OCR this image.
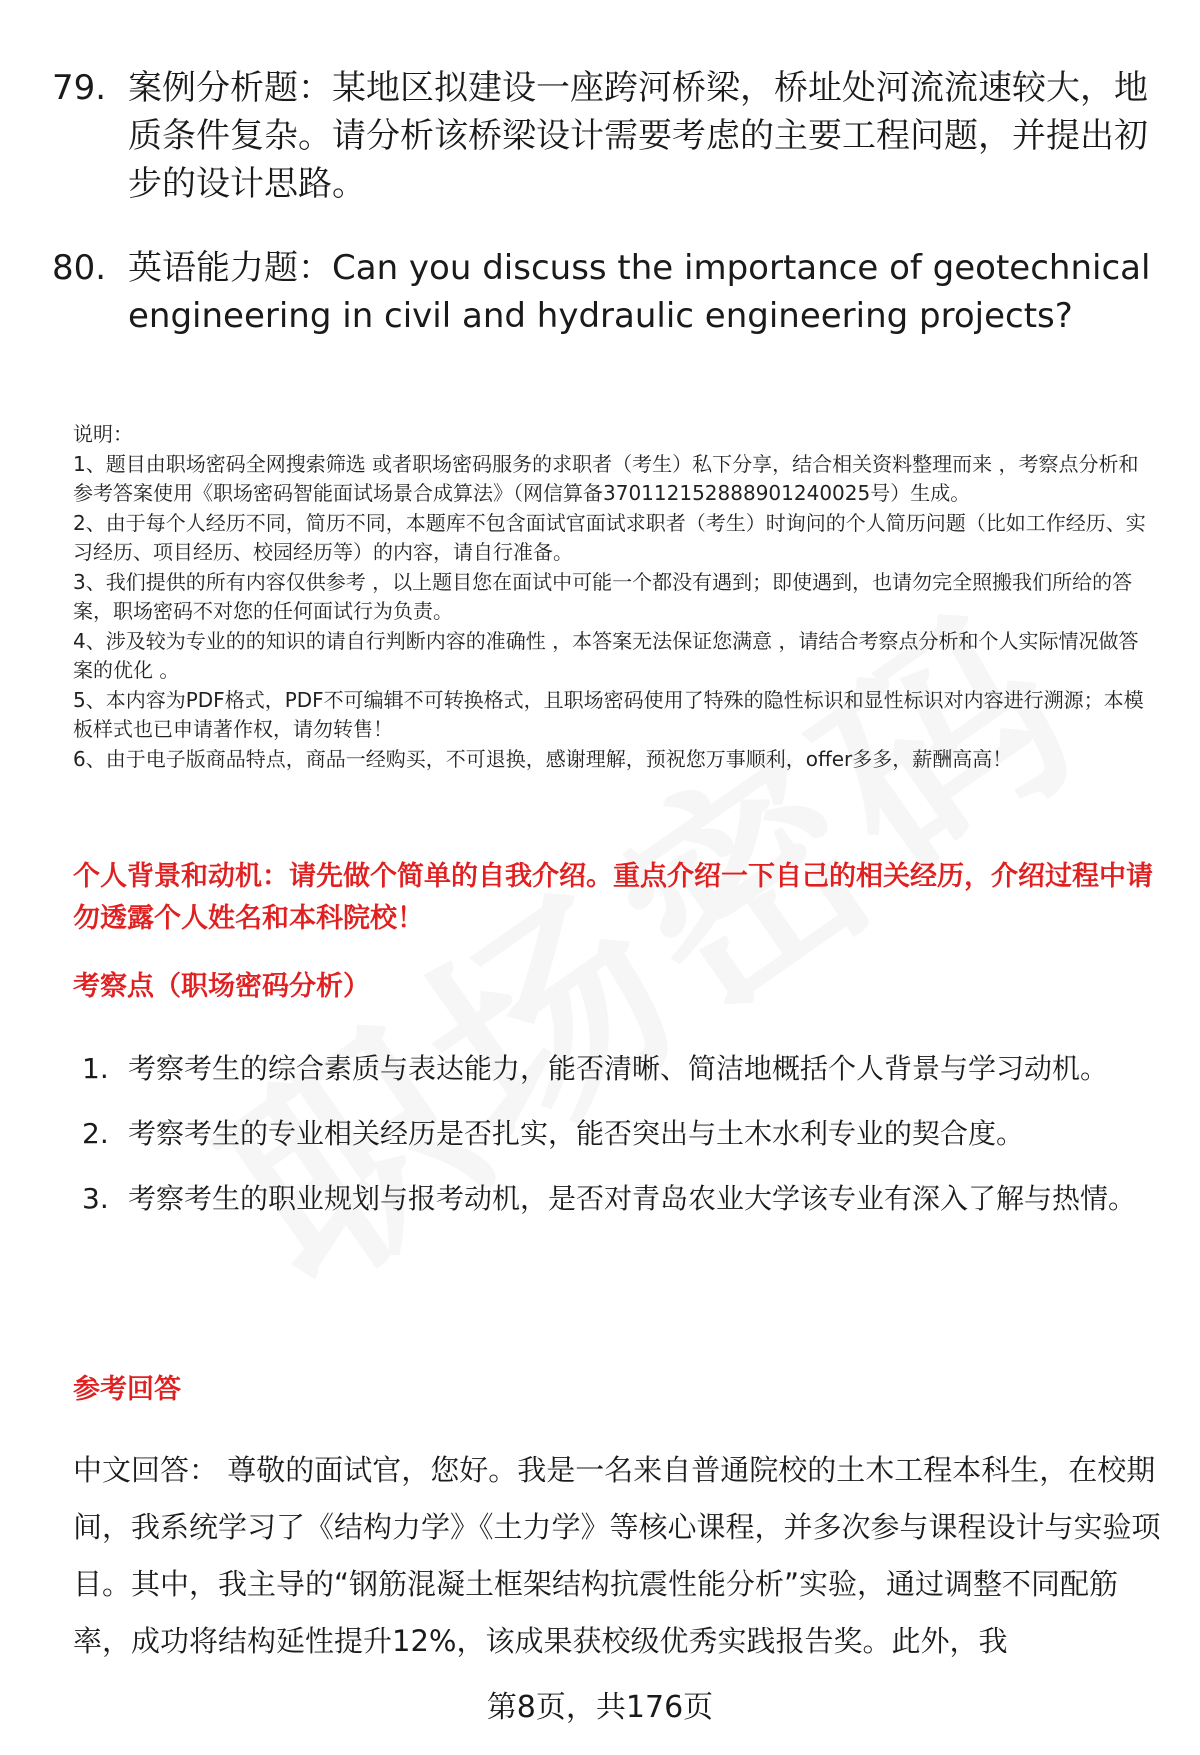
79. 案例分析题：某地区拟建设一座跨河桥梁，桥址处河流流速较大，地质条件复杂。请分析该桥梁设计需要考虑的主要工程问题，并提出初步的设计思路。
80. 英语能力题：Can you discuss the importance of geotechnical engineering in civil and hydraulic engineering projects?

说明：

1、题目由职场密码全网搜索筛选 或者职场密码服务的求职者（考生）私下分享，结合相关资料整理而来 ，考察点分析和参考答案使用《职场密码智能面试场景合成算法》（网信算备370112152888901240025号）生成。

2、由于每个人经历不同，简历不同，本题库不包含面试官面试求职者（考生）时询问的个人简历问题（比如工作经历、实习经历、项目经历、校园经历等）的内容，请自行准备。

3、我们提供的所有内容仅供参考 ，以上题目您在面试中可能一个都没有遇到；即使遇到，也请勿完全照搬我们所给的答案，职场密码不对您的任何面试行为负责。

4、涉及较为专业的的知识的请自行判断内容的准确性 ，本答案无法保证您满意 ，请结合考察点分析和个人实际情况做答案的优化 。

5、本内容为PDF格式，PDF不可编辑不可转换格式，且职场密码使用了特殊的隐性标识和显性标识对内容进行溯源；本模板样式也已申请著作权，请勿转售！

6、由于电子版商品特点，商品一经购买，不可退换，感谢理解，预祝您万事顺利，offer多多，薪酬高高！

个人背景和动机：请先做个简单的自我介绍。重点介绍一下自己的相关经历，介绍过程中请勿透露个人姓名和本科院校！
考察点（职场密码分析）
1. 考察考生的综合素质与表达能力，能否清晰、简洁地概括个人背景与学习动机。
2. 考察考生的专业相关经历是否扎实，能否突出与土木水利专业的契合度。
3. 考察考生的职业规划与报考动机，是否对青岛农业大学该专业有深入了解与热情。
参考回答

中文回答： 尊敬的面试官，您好。我是一名来自普通院校的土木工程本科生，在校期间，我系统学习了《结构力学》《土力学》等核心课程，并多次参与课程设计与实验项目。其中，我主导的“钢筋混凝土框架结构抗震性能分析”实验，通过调整不同配筋率，成功将结构延性提升12%，该成果获校级优秀实践报告奖。此外，我

第8页，共176页
